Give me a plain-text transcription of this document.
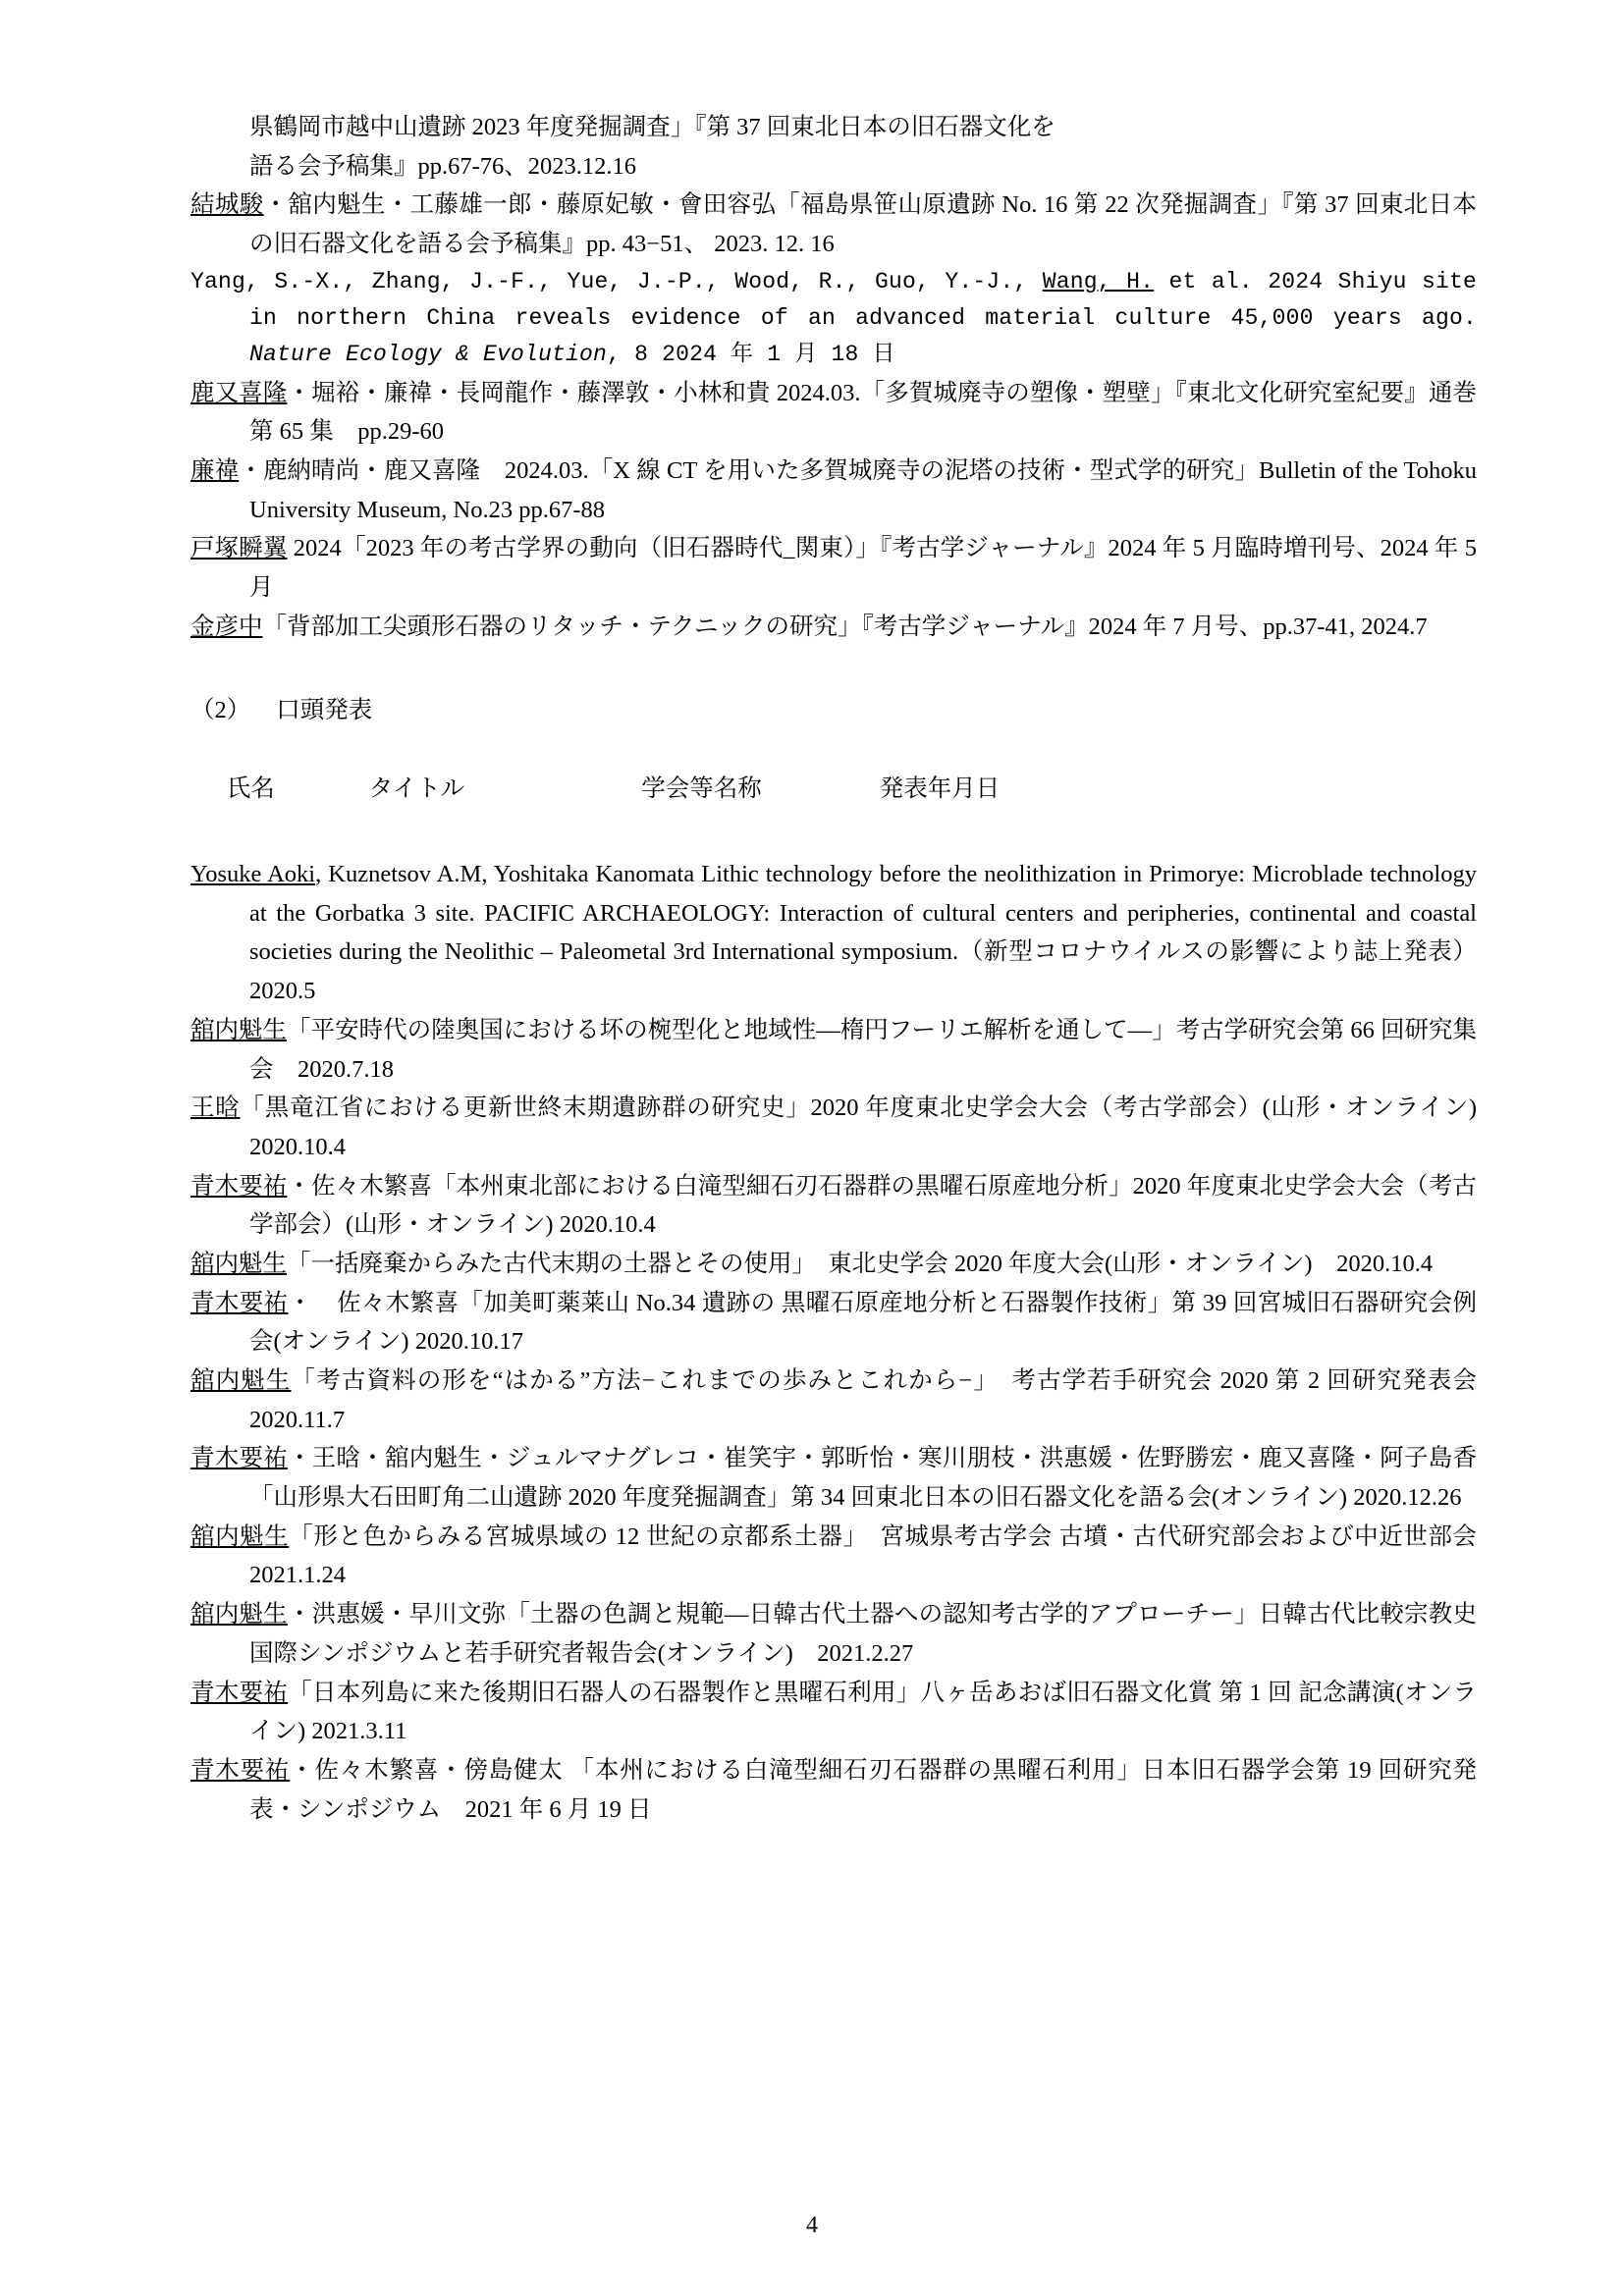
県鶴岡市越中山遺跡 2023 年度発掘調査」『第 37 回東北日本の旧石器文化を
語る会予稿集』pp.67-76、2023.12.16
結城駿・舘内魁生・工藤雄一郎・藤原妃敏・會田容弘「福島県笹山原遺跡 No. 16 第 22 次発掘調査」『第 37 回東北日本の旧石器文化を語る会予稿集』pp. 43−51、 2023. 12. 16
Yang, S.-X., Zhang, J.-F., Yue, J.-P., Wood, R., Guo, Y.-J., Wang, H. et al. 2024 Shiyu site in northern China reveals evidence of an advanced material culture 45,000 years ago. Nature Ecology & Evolution, 8 2024 年 1 月 18 日
鹿又喜隆・堀裕・廉禕・長岡龍作・藤澤敦・小林和貴 2024.03.「多賀城廃寺の塑像・塑壁」『東北文化研究室紀要』通巻第 65 集　pp.29-60
廉禕・鹿納晴尚・鹿又喜隆　2024.03.「X 線 CT を用いた多賀城廃寺の泥塔の技術・型式学的研究」Bulletin of the Tohoku University Museum, No.23 pp.67-88
戸塚瞬翼 2024「2023 年の考古学界の動向（旧石器時代_関東）」『考古学ジャーナル』2024 年 5 月臨時増刊号、2024 年 5 月
金彦中「背部加工尖頭形石器のリタッチ・テクニックの研究」『考古学ジャーナル』2024 年 7 月号、pp.37-41, 2024.7
（2） 口頭発表

氏名	タイトル	学会等名称	発表年月日

Yosuke Aoki, Kuznetsov A.M, Yoshitaka Kanomata Lithic technology before the neolithization in Primorye: Microblade technology at the Gorbatka 3 site. PACIFIC ARCHAEOLOGY: Interaction of cultural centers and peripheries, continental and coastal societies during the Neolithic – Paleometal 3rd International symposium.（新型コロナウイルスの影響により誌上発表）2020.5
舘内魁生「平安時代の陸奥国における坏の椀型化と地域性―楕円フーリエ解析を通して―」考古学研究会第 66 回研究集会　2020.7.18
王晗「黒竜江省における更新世終末期遺跡群の研究史」2020 年度東北史学会大会（考古学部会）(山形・オンライン) 2020.10.4
青木要祐・佐々木繁喜「本州東北部における白滝型細石刃石器群の黒曜石原産地分析」2020 年度東北史学会大会（考古学部会）(山形・オンライン) 2020.10.4
舘内魁生「一括廃棄からみた古代末期の土器とその使用」　東北史学会 2020 年度大会(山形・オンライン)　2020.10.4
青木要祐・　佐々木繁喜「加美町薬莱山 No.34 遺跡の 黒曜石原産地分析と石器製作技術」第 39 回宮城旧石器研究会例会(オンライン) 2020.10.17
舘内魁生「考古資料の形を“はかる”方法−これまでの歩みとこれから−」　考古学若手研究会 2020 第 2 回研究発表会　2020.11.7
青木要祐・王晗・舘内魁生・ジュルマナグレコ・崔笑宇・郭昕怡・寒川朋枝・洪惠媛・佐野勝宏・鹿又喜隆・阿子島香「山形県大石田町角二山遺跡 2020 年度発掘調査」第 34 回東北日本の旧石器文化を語る会(オンライン) 2020.12.26
舘内魁生「形と色からみる宮城県域の 12 世紀の京都系土器」　宮城県考古学会 古墳・古代研究部会および中近世部会　2021.1.24
舘内魁生・洪惠媛・早川文弥「土器の色調と規範―日韓古代土器への認知考古学的アプローチー」日韓古代比較宗教史国際シンポジウムと若手研究者報告会(オンライン)　2021.2.27
青木要祐「日本列島に来た後期旧石器人の石器製作と黒曜石利用」八ヶ岳あおば旧石器文化賞 第 1 回 記念講演(オンライン) 2021.3.11
青木要祐・佐々木繁喜・傍島健太 「本州における白滝型細石刃石器群の黒曜石利用」日本旧石器学会第 19 回研究発表・シンポジウム　2021 年 6 月 19 日
4
